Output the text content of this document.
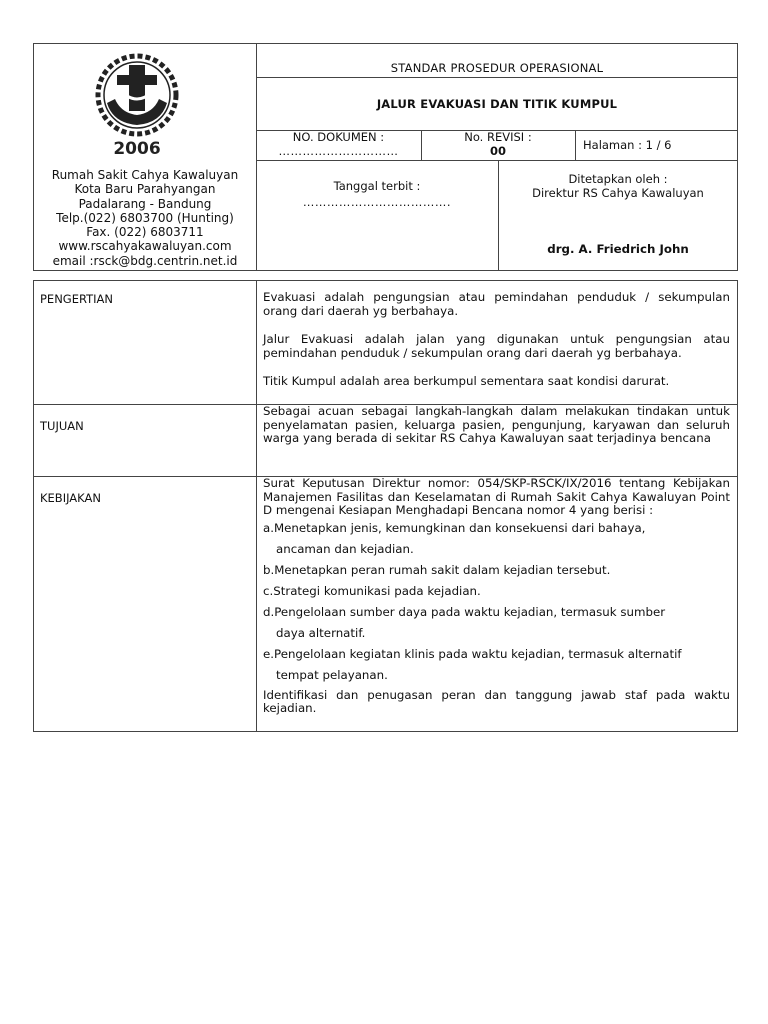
2006
Rumah Sakit Cahya Kawaluyan
Kota Baru Parahyangan
Padalarang - Bandung
Telp.(022) 6803700 (Hunting)
Fax. (022) 6803711
www.rscahyakawaluyan.com
email :rsck@bdg.centrin.net.id
STANDAR PROSEDUR OPERASIONAL
JALUR EVAKUASI DAN TITIK KUMPUL
NO. DOKUMEN :
…………………………
No. REVISI :
00	Halaman : 1 / 6
Tanggal terbit :
……………………………….
Ditetapkan oleh :
Direktur RS Cahya Kawaluyan
drg. A. Friedrich John
PENGERTIAN	Evakuasi adalah pengungsian atau pemindahan penduduk / sekumpulan orang dari daerah yg berbahaya.
Jalur Evakuasi adalah jalan yang digunakan untuk pengungsian atau pemindahan penduduk / sekumpulan orang dari daerah yg berbahaya.
Titik Kumpul adalah area berkumpul sementara saat kondisi darurat.
TUJUAN
Sebagai acuan sebagai langkah-langkah dalam melakukan tindakan untuk penyelamatan pasien, keluarga pasien, pengunjung, karyawan dan seluruh warga yang berada di sekitar RS Cahya Kawaluyan saat terjadinya bencana
KEBIJAKAN
Surat Keputusan Direktur nomor: 054/SKP-RSCK/IX/2016 tentang Kebijakan Manajemen Fasilitas dan Keselamatan di Rumah Sakit Cahya Kawaluyan Point D mengenai Kesiapan Menghadapi Bencana nomor 4 yang berisi :
a.Menetapkan jenis, kemungkinan dan konsekuensi dari bahaya,
ancaman dan kejadian.
b.Menetapkan peran rumah sakit dalam kejadian tersebut.
c.Strategi komunikasi pada kejadian.
d.Pengelolaan sumber daya pada waktu kejadian, termasuk sumber
daya alternatif.
e.Pengelolaan kegiatan klinis pada waktu kejadian, termasuk alternatif
tempat pelayanan.
Identifikasi dan penugasan peran dan tanggung jawab staf pada waktu kejadian.
